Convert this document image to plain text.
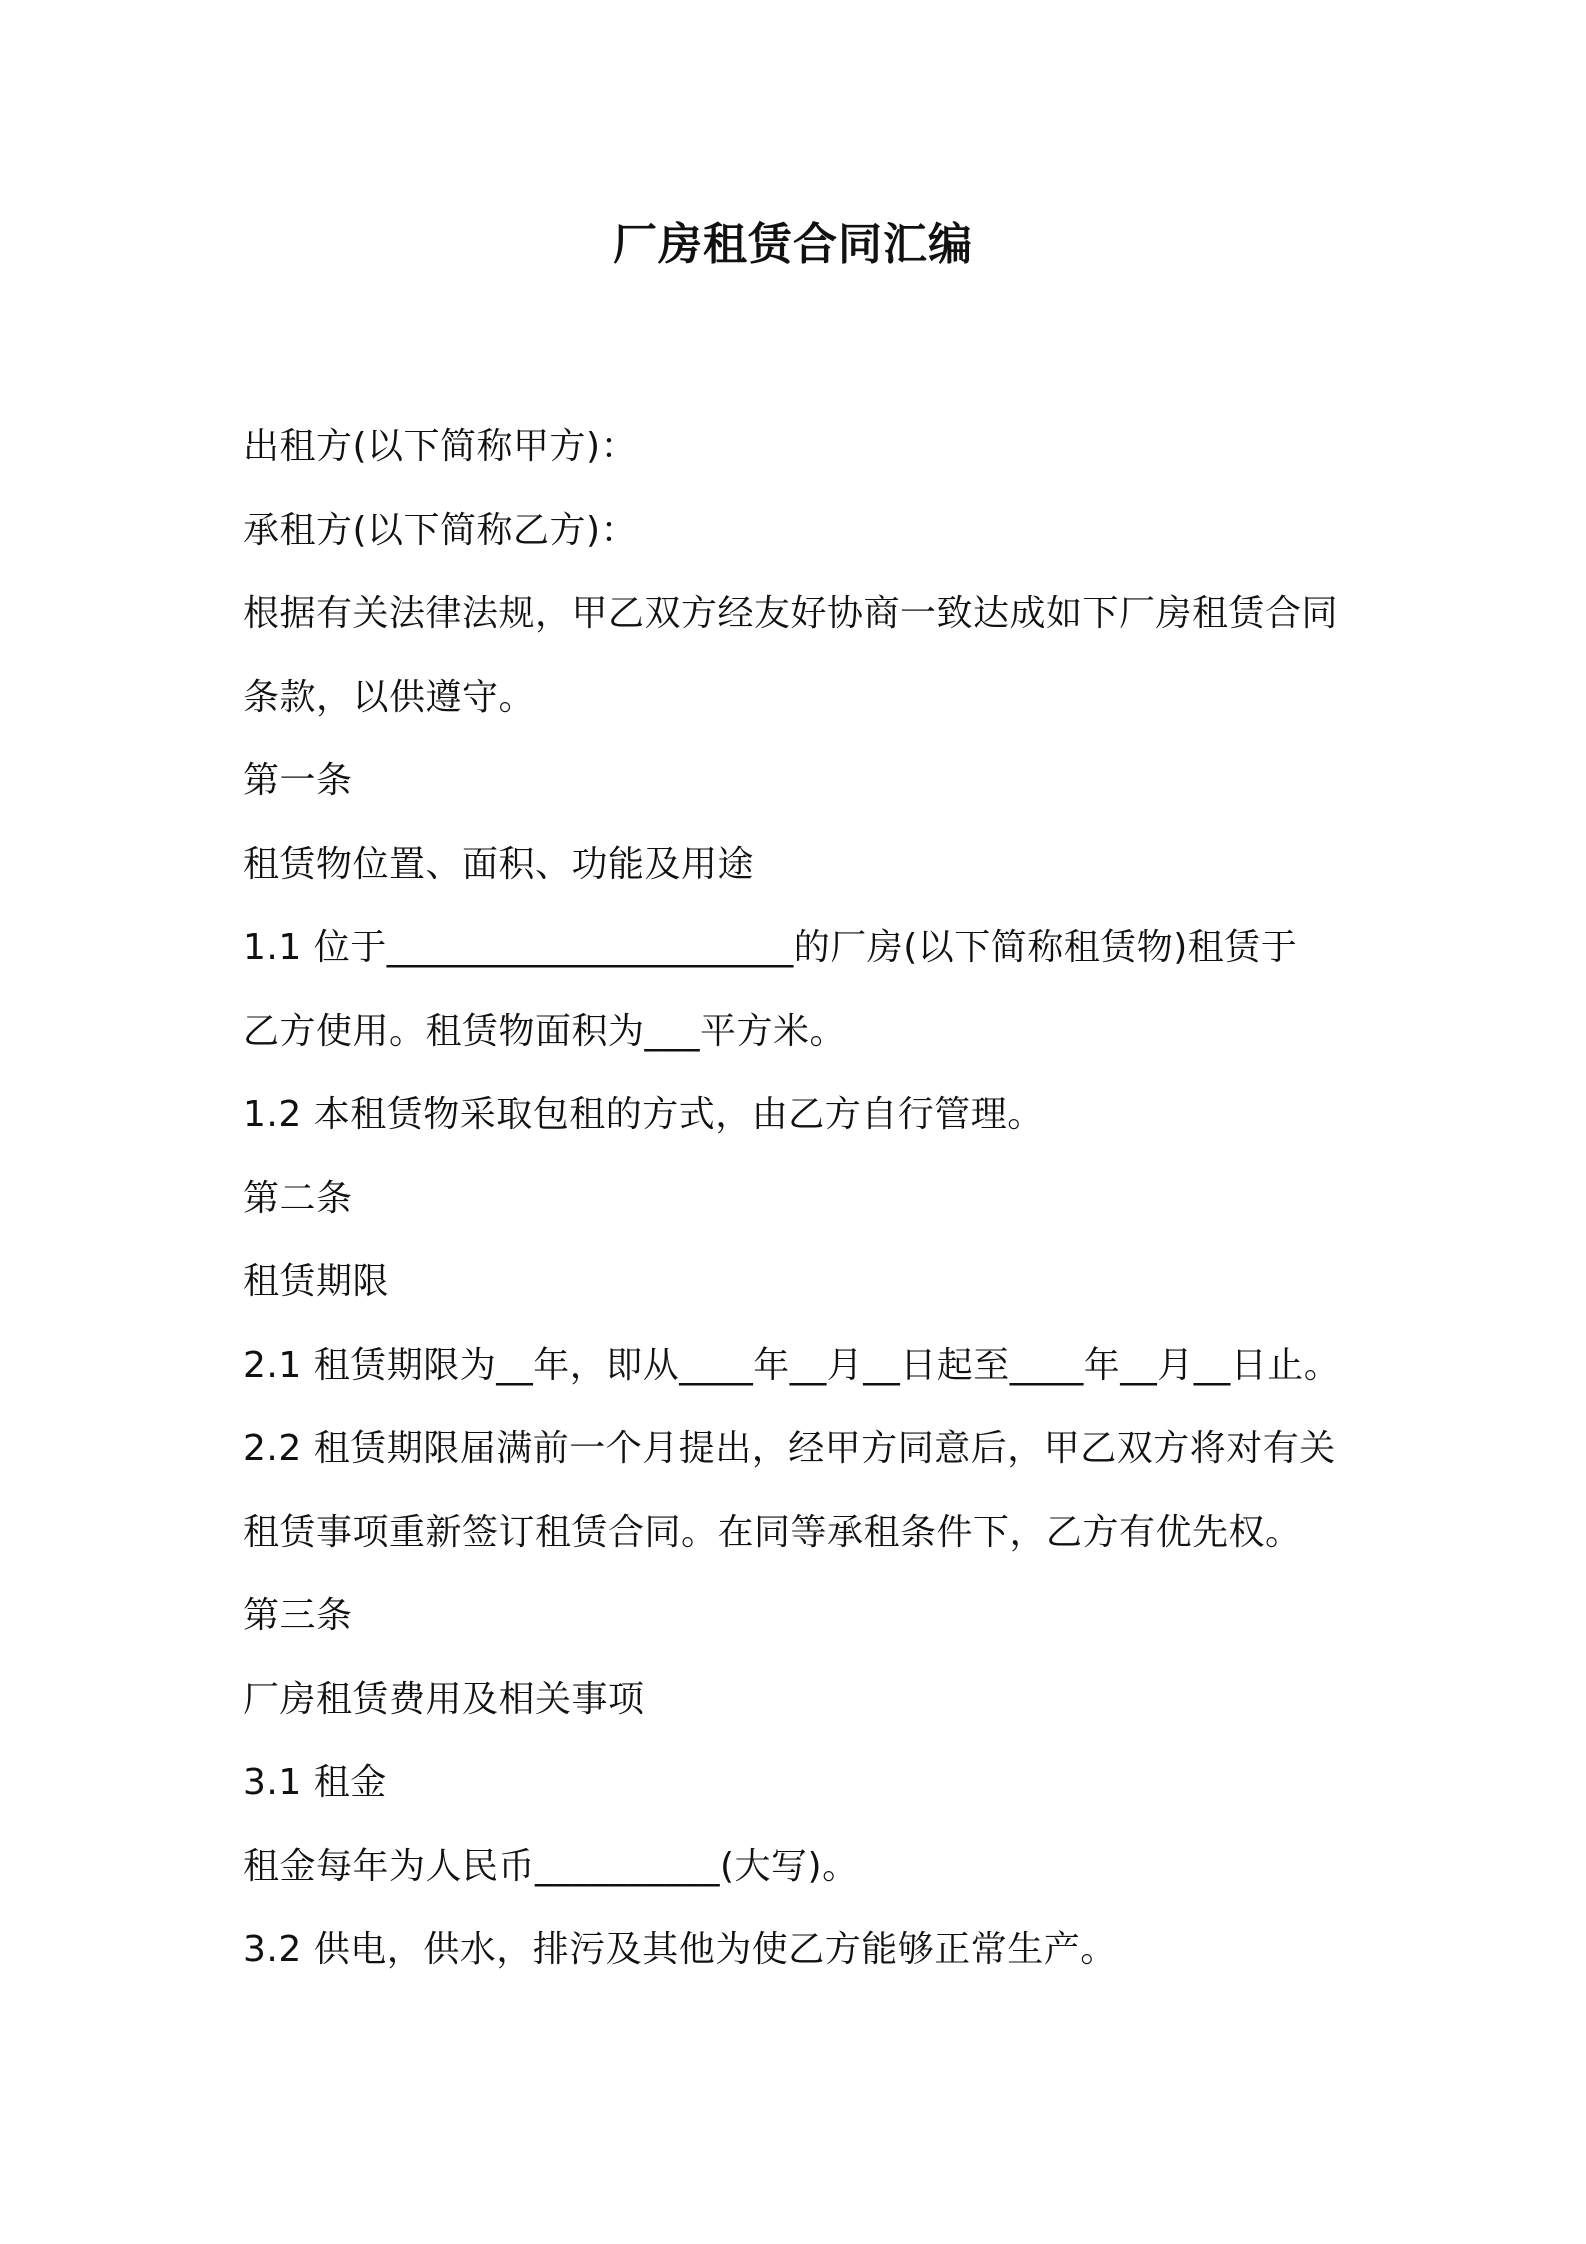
厂房租赁合同汇编
出租方(以下简称甲方)：
承租方(以下简称乙方)：
根据有关法律法规，甲乙双方经友好协商一致达成如下厂房租赁合同
条款，以供遵守。
第一条
租赁物位置、面积、功能及用途
1.1 位于______________________的厂房(以下简称租赁物)租赁于
乙方使用。租赁物面积为___平方米。
1.2 本租赁物采取包租的方式，由乙方自行管理。
第二条
租赁期限
2.1 租赁期限为__年，即从____年__月__日起至____年__月__日止。
2.2 租赁期限届满前一个月提出，经甲方同意后，甲乙双方将对有关
租赁事项重新签订租赁合同。在同等承租条件下，乙方有优先权。
第三条
厂房租赁费用及相关事项
3.1 租金
租金每年为人民币__________(大写)。
3.2 供电，供水，排污及其他为使乙方能够正常生产。
